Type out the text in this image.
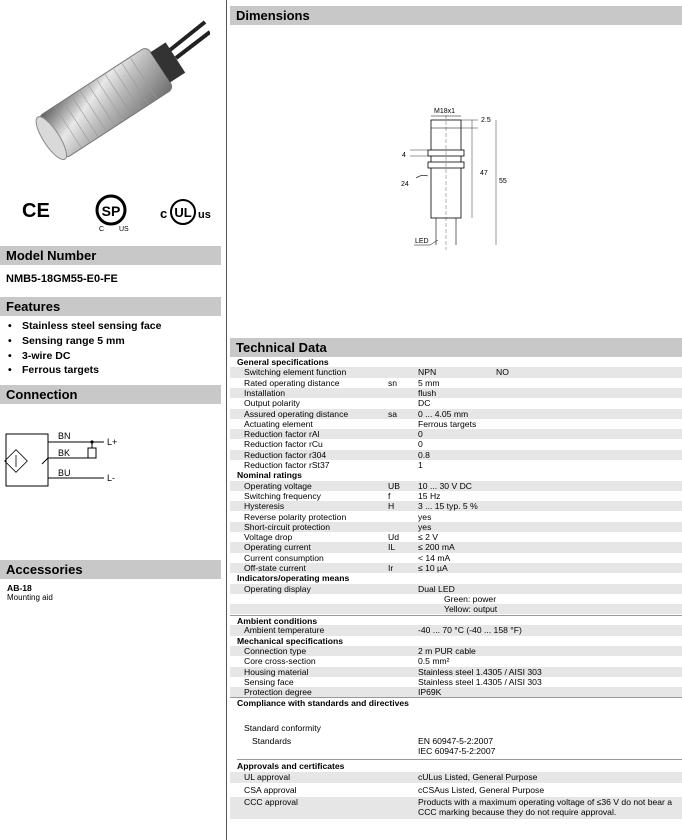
CE	SP
C US
c UL us
Model Number
NMB5-18GM55-E0-FE
Features
• Stainless steel sensing face
• Sensing range 5 mm
• 3-wire DC
• Ferrous targets
Connection
BN
BK
BU
L+
L-
Accessories
AB-18
Mounting aid
Dimensions
M18x1
2.5
47
55
4
24
LED
Technical Data
General specifications
Switching element function	NPN	NO
Rated operating distance	sn 5 mm
Installation	flush
Output polarity	DC
Assured operating distance	sa 0 ... 4.05 mm
Actuating element	Ferrous targets
Reduction factor rAl	0
Reduction factor rCu	0
Reduction factor r304	0.8
Reduction factor rSt37	1
Nominal ratings
Operating voltage	UB 10 ... 30 V DC
Switching frequency	f	15 Hz
Hysteresis	H	3 ... 15 typ. 5 %
Reverse polarity protection	yes
Short-circuit protection	yes
Voltage drop	Ud ≤ 2 V
Operating current	IL	≤ 200 mA
Current consumption	< 14 mA
Off-state current	Ir	≤ 10 µA
Indicators/operating means
Operating display	Dual LED
Green: power
Yellow: output
Ambient conditions
Ambient temperature	-40 ... 70 °C (-40 ... 158 °F)
Mechanical specifications
Connection type	2 m PUR cable
Core cross-section	0.5 mm²
Housing material	Stainless steel 1.4305 / AISI 303
Sensing face	Stainless steel 1.4305 / AISI 303
Protection degree	IP69K
Compliance with standards and directives
Standard conformity
Standards	EN 60947-5-2:2007
IEC 60947-5-2:2007
Approvals and certificates
UL approval	cULus Listed, General Purpose
CSA approval	cCSAus Listed, General Purpose
CCC approval	Products with a maximum operating voltage of ≤36 V do not bear a
CCC marking because they do not require approval.
